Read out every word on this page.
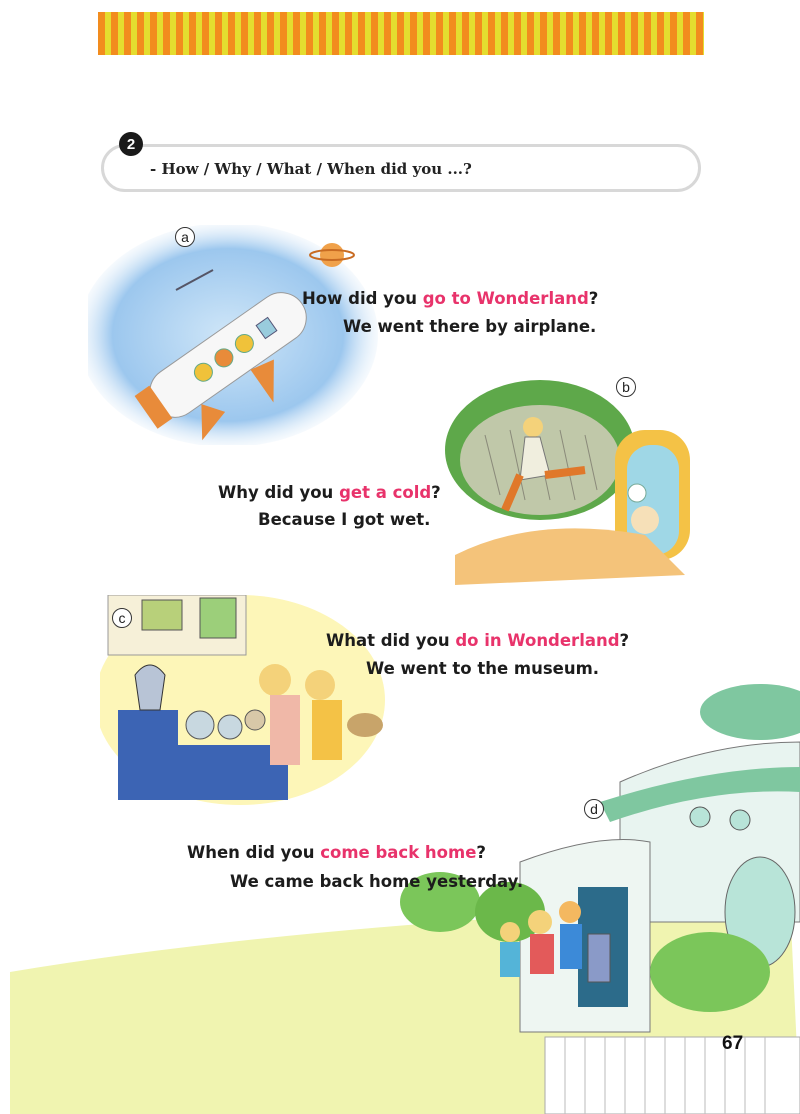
2
- How / Why / What / When did you ...?
a
How did you go to Wonderland?
We went there by airplane.
b
Why did you get a cold?
Because I got wet.
c
What did you do in Wonderland?
We went to the museum.
d
When did you come back home?
We came back home yesterday.
67
